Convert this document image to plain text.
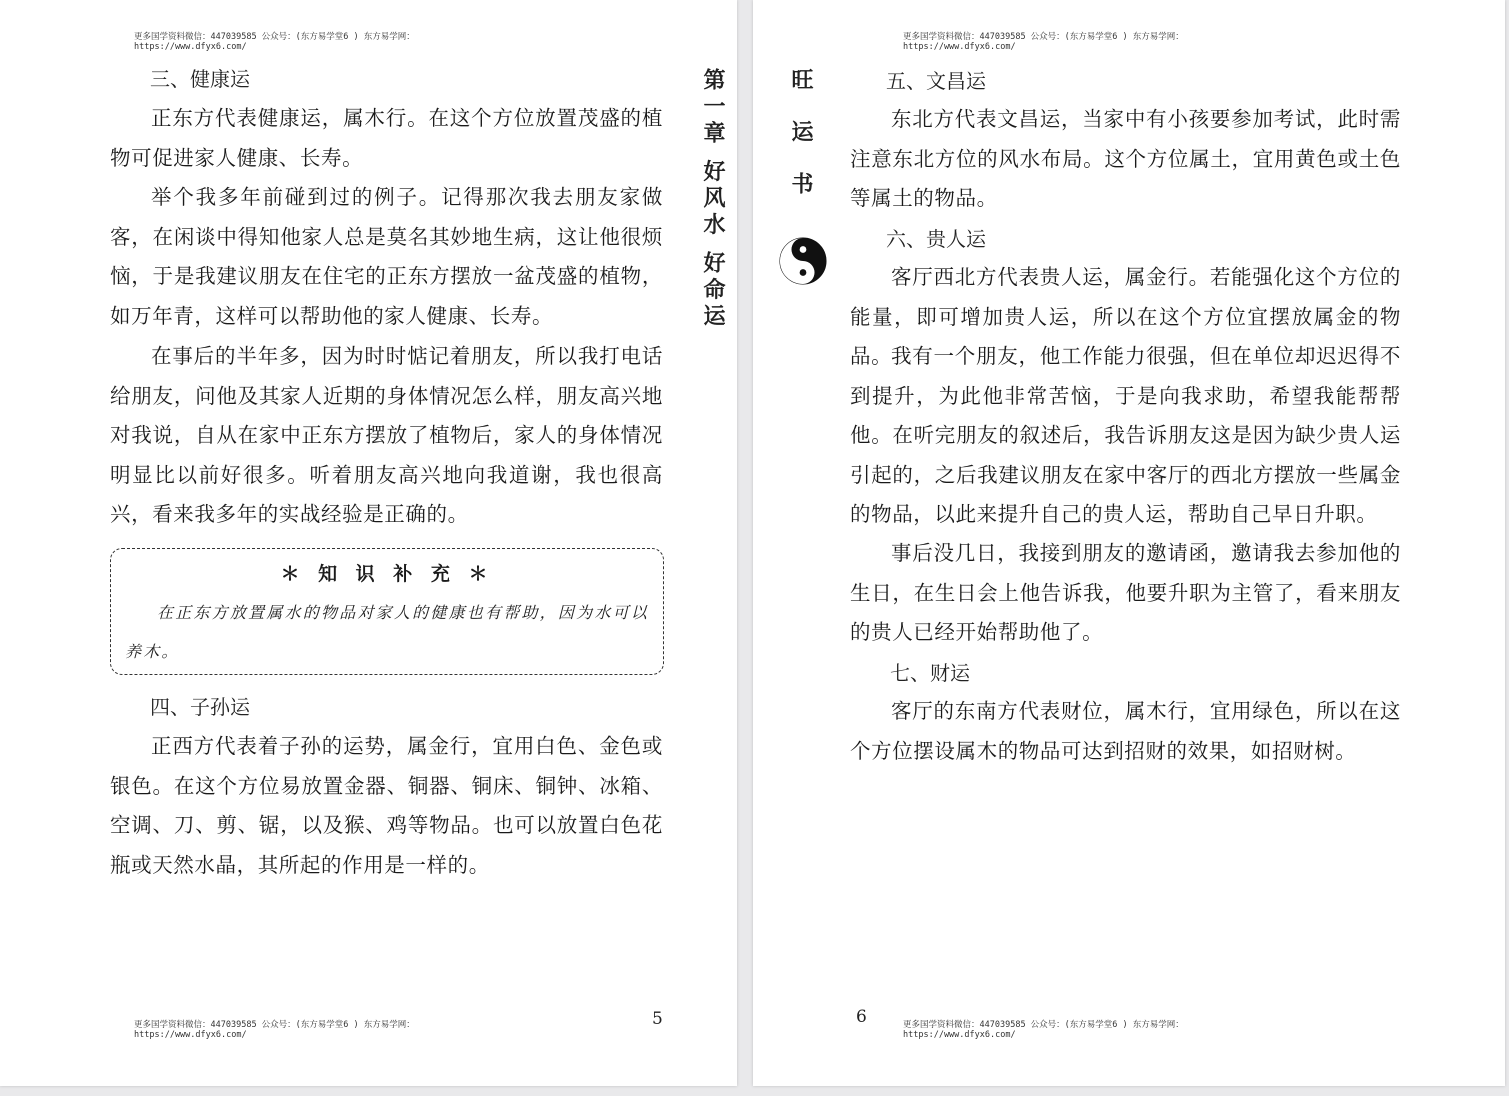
更多国学资料微信：447039585 公众号：(东方易学堂6 ) 东方易学网：
https://www.dfyx6.com/
三、健康运

正东方代表健康运，属木行。在这个方位放置茂盛的植物可促进家人健康、长寿。

举个我多年前碰到过的例子。记得那次我去朋友家做客，在闲谈中得知他家人总是莫名其妙地生病，这让他很烦恼，于是我建议朋友在住宅的正东方摆放一盆茂盛的植物，如万年青，这样可以帮助他的家人健康、长寿。

在事后的半年多，因为时时惦记着朋友，所以我打电话给朋友，问他及其家人近期的身体情况怎么样，朋友高兴地对我说，自从在家中正东方摆放了植物后，家人的身体情况明显比以前好很多。听着朋友高兴地向我道谢，我也很高兴，看来我多年的实战经验是正确的。

＊ 知 识 补 充 ＊
在正东方放置属水的物品对家人的健康也有帮助，因为水可以养木。
四、子孙运

正西方代表着子孙的运势，属金行，宜用白色、金色或银色。在这个方位易放置金器、铜器、铜床、铜钟、冰箱、空调、刀、剪、锯，以及猴、鸡等物品。也可以放置白色花瓶或天然水晶，其所起的作用是一样的。

第一章 好风水 好命运
更多国学资料微信：447039585 公众号：(东方易学堂6 ) 东方易学网：
https://www.dfyx6.com/
5
更多国学资料微信：447039585 公众号：(东方易学堂6 ) 东方易学网：
https://www.dfyx6.com/
五、文昌运

东北方代表文昌运，当家中有小孩要参加考试，此时需注意东北方位的风水布局。这个方位属土，宜用黄色或土色等属土的物品。

六、贵人运

客厅西北方代表贵人运，属金行。若能强化这个方位的能量，即可增加贵人运，所以在这个方位宜摆放属金的物品。

我有一个朋友，他工作能力很强，但在单位却迟迟得不到提升，为此他非常苦恼，于是向我求助，希望我能帮帮他。在听完朋友的叙述后，我告诉朋友这是因为缺少贵人运引起的，之后我建议朋友在家中客厅的西北方摆放一些属金的物品，以此来提升自己的贵人运，帮助自己早日升职。

事后没几日，我接到朋友的邀请函，邀请我去参加他的生日，在生日会上他告诉我，他要升职为主管了，看来朋友的贵人已经开始帮助他了。

七、财运

客厅的东南方代表财位，属木行，宜用绿色，所以在这个方位摆设属木的物品可达到招财的效果，如招财树。

更多国学资料微信：447039585 公众号：(东方易学堂6 ) 东方易学网：
https://www.dfyx6.com/
6
旺运书
